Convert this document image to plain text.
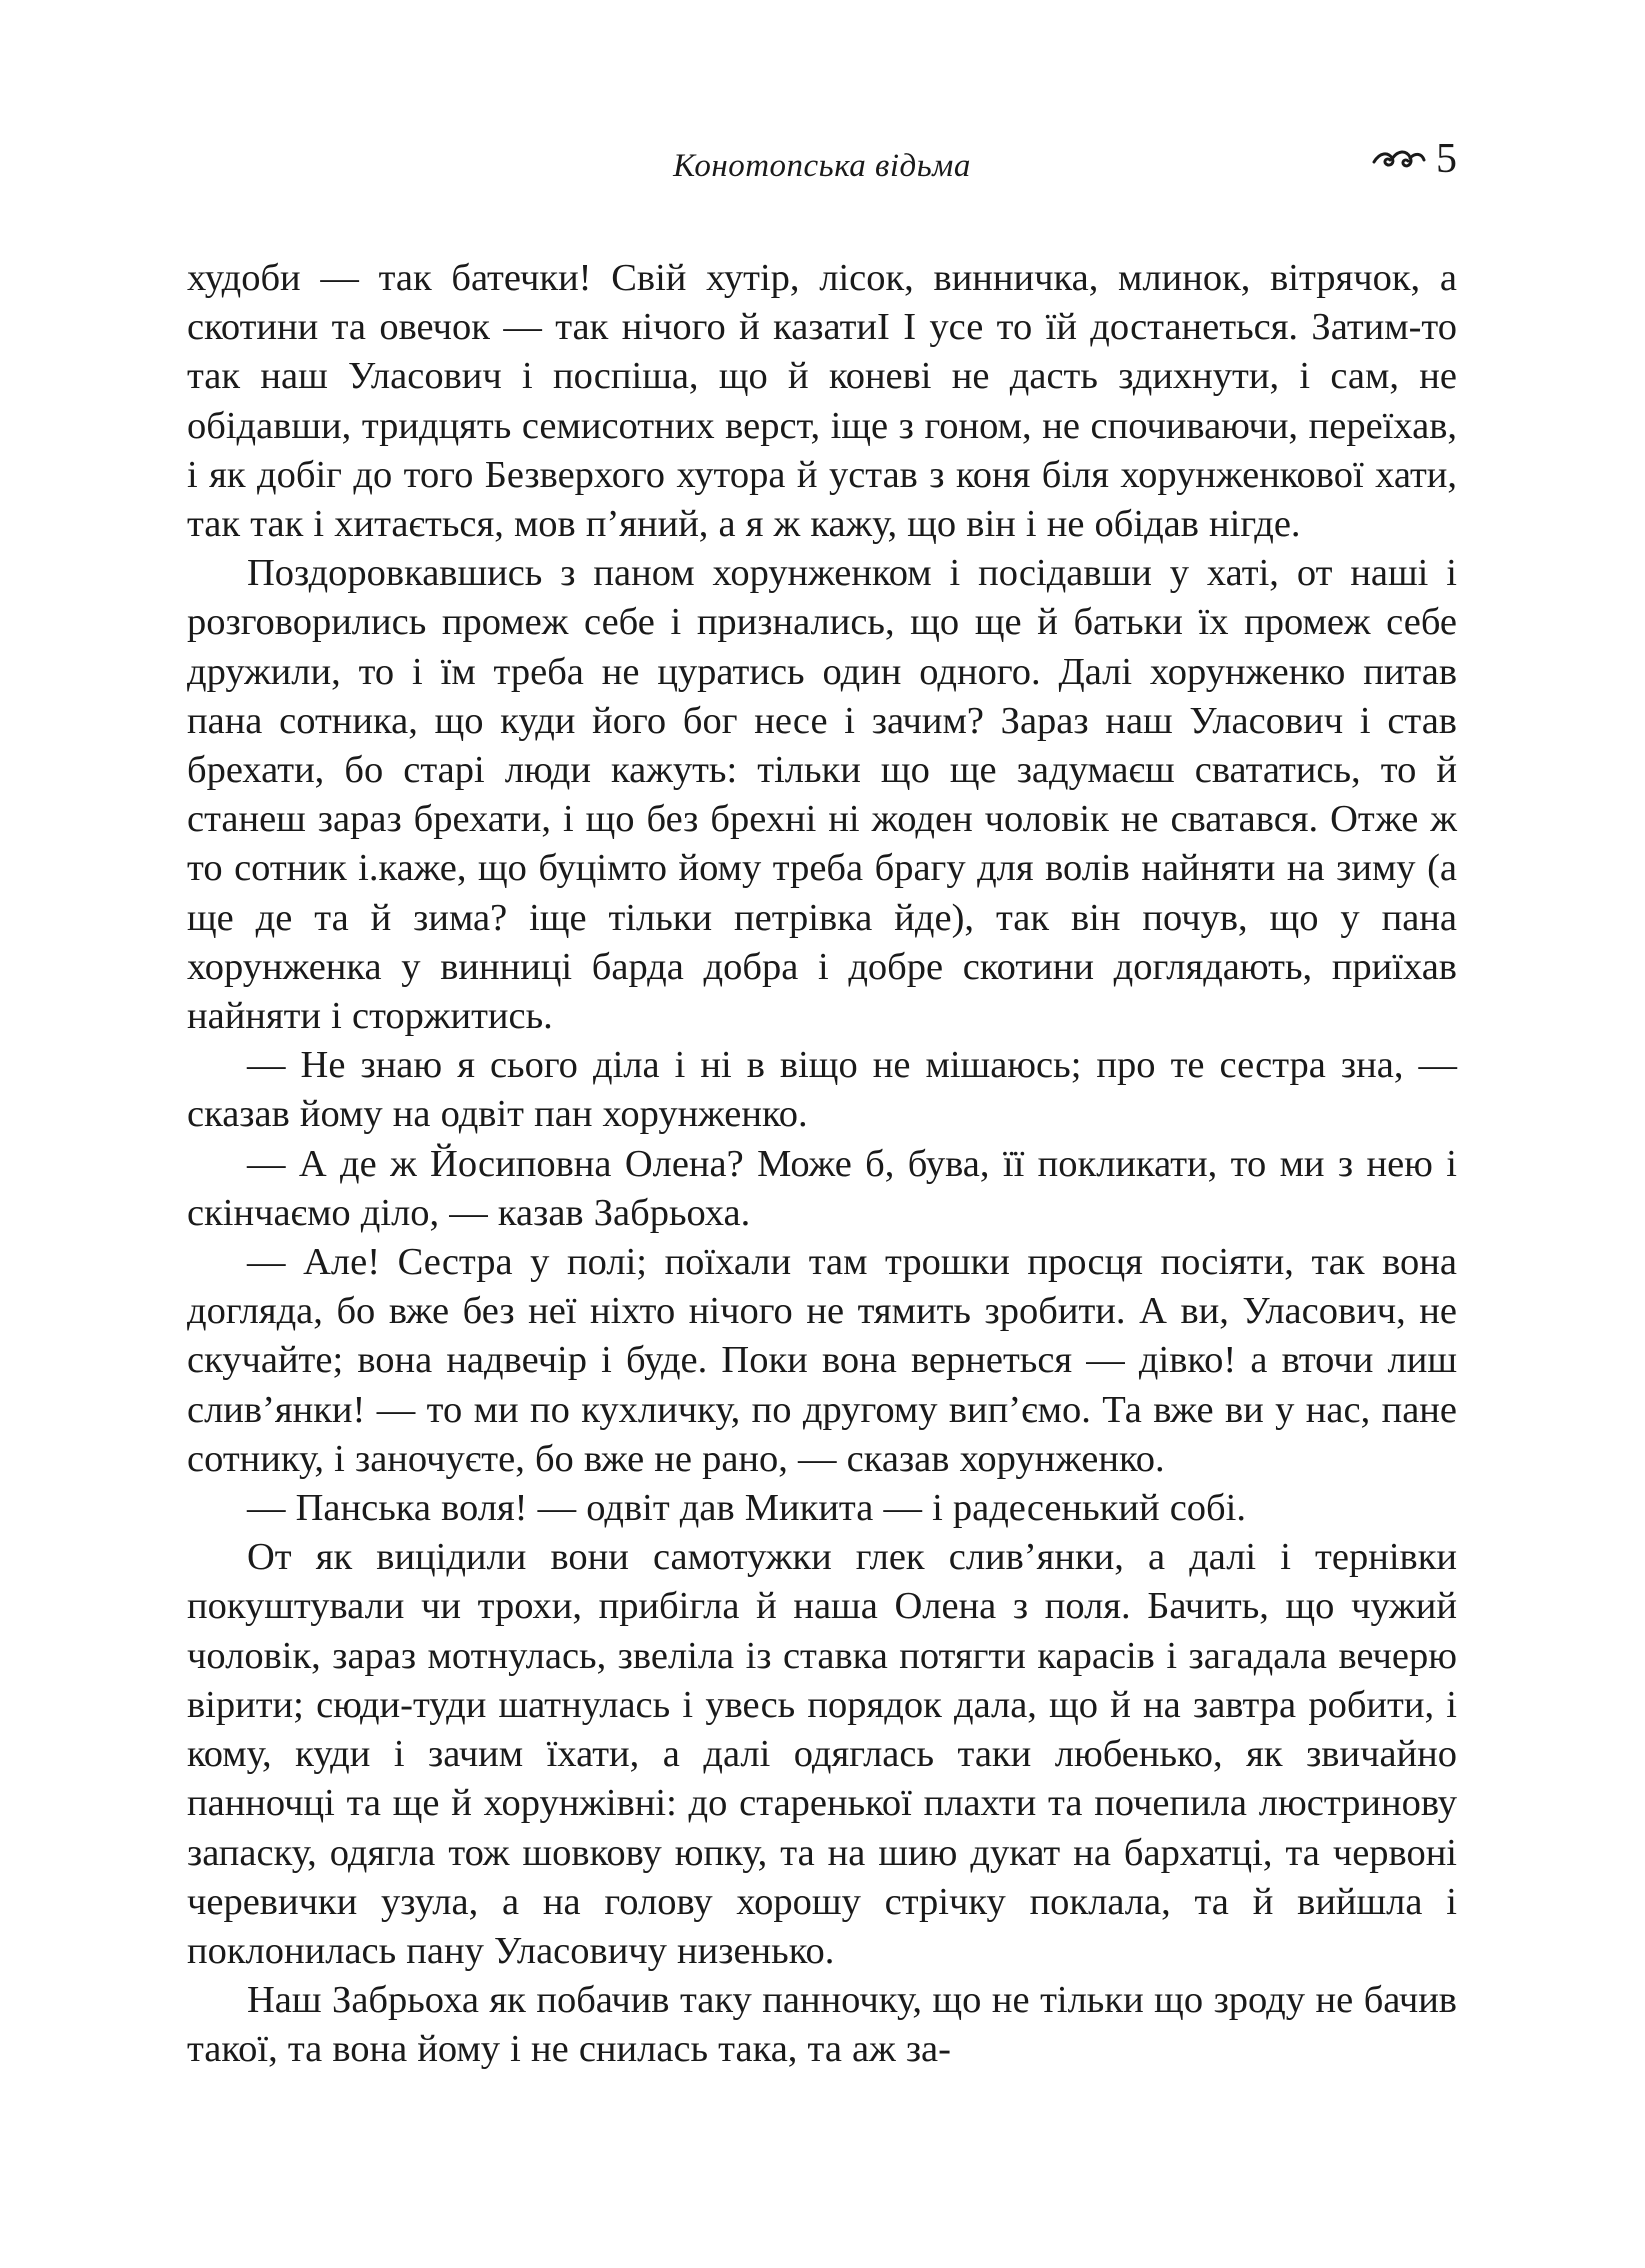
Конотопська відьма	5

худоби — так батечки! Свій хутір, лісок, винничка, млинок, вітрячок, а скотини та овечок — так нічого й казатиІ І усе то їй достанеться. Затим-то так наш Уласович і поспіша, що й коневі не дасть здихнути, і сам, не обідавши, тридцять семисотних верст, іще з гоном, не спочиваючи, переїхав, і як добіг до того Безверхого хутора й устав з коня біля хорунженкової хати, так так і хитається, мов п’яний, а я ж кажу, що він і не обідав нігде.

Поздоровкавшись з паном хорунженком і посідавши у хаті, от наші і розговорились промеж себе і признались, що ще й батьки їх промеж себе дружили, то і їм треба не цуратись один одного. Далі хорунженко питав пана сотника, що куди його бог несе і зачим? Зараз наш Уласович і став брехати, бо старі люди кажуть: тільки що ще задумаєш свататись, то й станеш зараз брехати, і що без брехні ні жоден чоловік не сватався. Отже ж то сотник і.каже, що буцімто йому треба брагу для волів найняти на зиму (а ще де та й зима? іще тільки петрівка йде), так він почув, що у пана хорунженка у винниці барда добра і добре скотини доглядають, приїхав найняти і сторжитись.

— Не знаю я сього діла і ні в віщо не мішаюсь; про те сестра зна, — сказав йому на одвіт пан хорунженко.

— А де ж Йосиповна Олена? Може б, бува, її покликати, то ми з нею і скінчаємо діло, — казав Забрьоха.

— Але! Сестра у полі; поїхали там трошки просця посіяти, так вона догляда, бо вже без неї ніхто нічого не тямить зробити. А ви, Уласович, не скучайте; вона надвечір і буде. Поки вона вернеться — дівко! а вточи лиш слив’янки! — то ми по кухличку, по другому вип’ємо. Та вже ви у нас, пане сотнику, і заночуєте, бо вже не рано, — сказав хорунженко.

— Панська воля! — одвіт дав Микита — і радесенький собі.

От як вицідили вони самотужки глек слив’янки, а далі і тернівки покуштували чи трохи, прибігла й наша Олена з поля. Бачить, що чужий чоловік, зараз мотнулась, звеліла із ставка потягти карасів і загадала вечерю вірити; сюди-туди шатнулась і увесь порядок дала, що й на завтра робити, і кому, куди і зачим їхати, а далі одяглась таки любенько, як звичайно панночці та ще й хорунжівні: до старенької плахти та почепила люстринову запаску, одягла тож шовкову юпку, та на шию дукат на бархатці, та червоні черевички узула, а на голову хорошу стрічку поклала, та й вийшла і поклонилась пану Уласовичу низенько.

Наш Забрьоха як побачив таку панночку, що не тільки що зроду не бачив такої, та вона йому і не снилась така, та аж за-
